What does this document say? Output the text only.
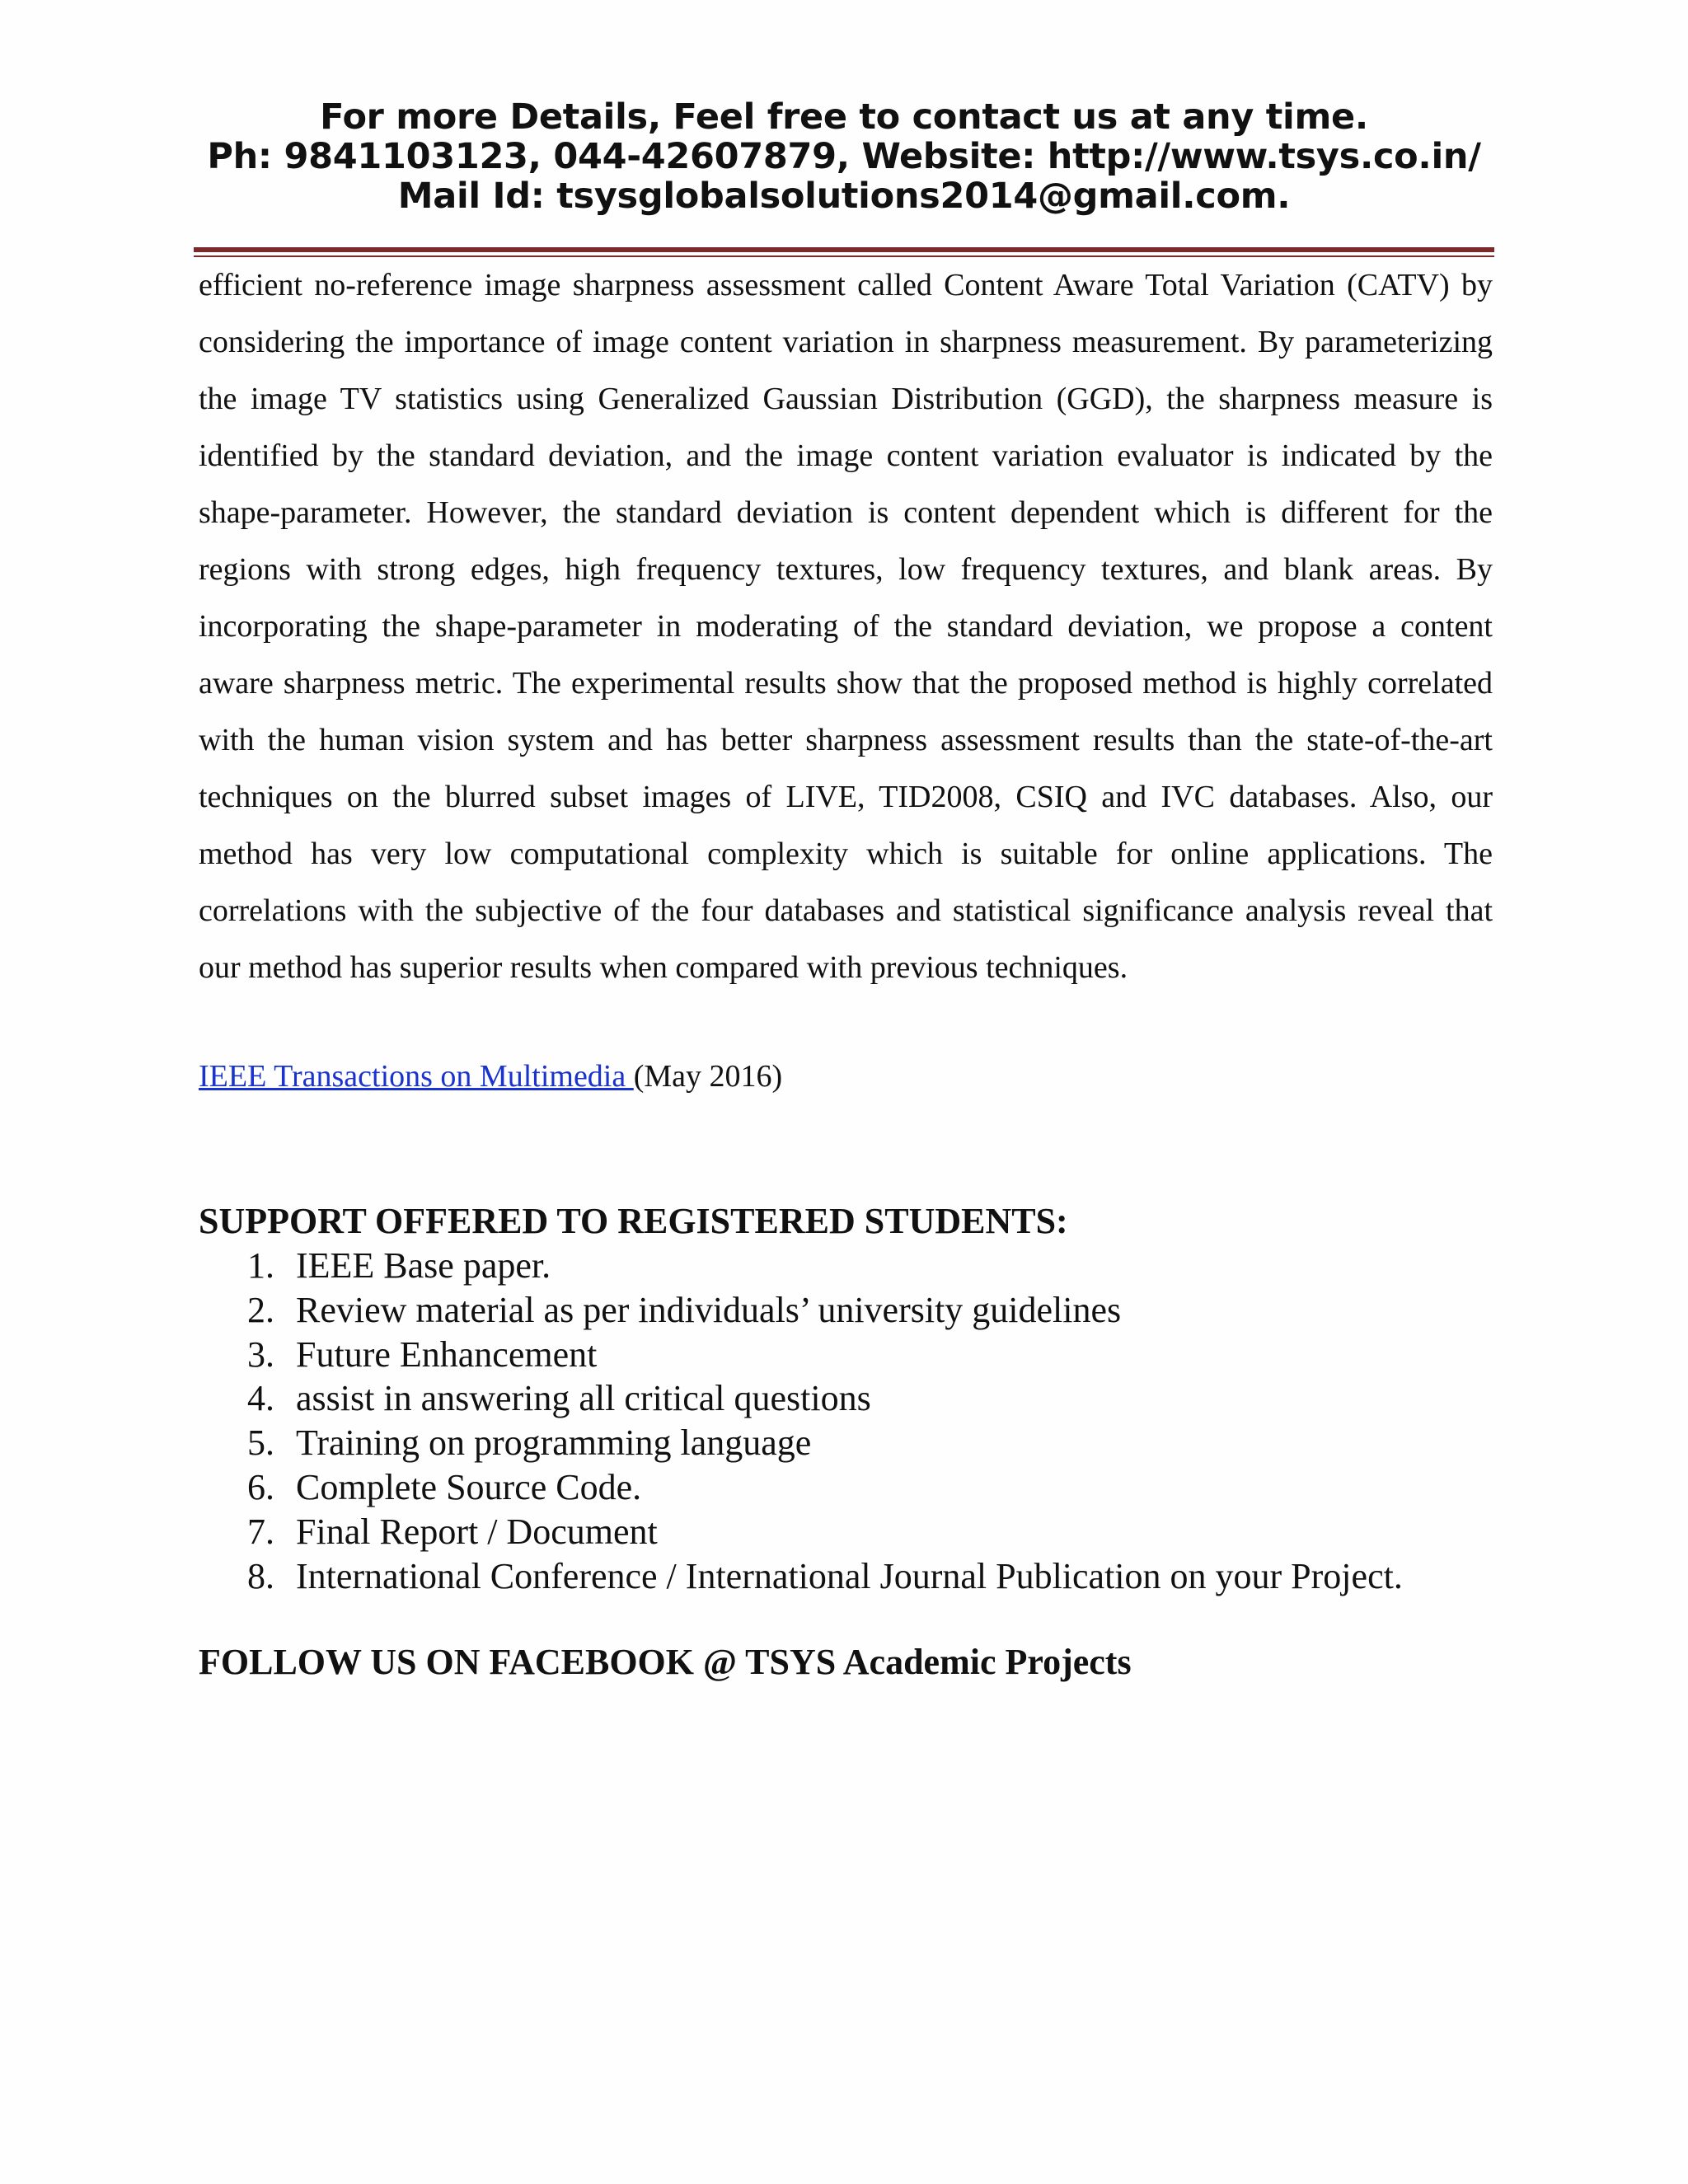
For more Details, Feel free to contact us at any time.
Ph: 9841103123, 044-42607879, Website: http://www.tsys.co.in/
Mail Id: tsysglobalsolutions2014@gmail.com.

efficient no-reference image sharpness assessment called Content Aware Total Variation (CATV) by considering the importance of image content variation in sharpness measurement. By parameterizing the image TV statistics using Generalized Gaussian Distribution (GGD), the sharpness measure is identified by the standard deviation, and the image content variation evaluator is indicated by the shape-parameter. However, the standard deviation is content dependent which is different for the regions with strong edges, high frequency textures, low frequency textures, and blank areas. By incorporating the shape-parameter in moderating of the standard deviation, we propose a content aware sharpness metric. The experimental results show that the proposed method is highly correlated with the human vision system and has better sharpness assessment results than the state-of-the-art techniques on the blurred subset images of LIVE, TID2008, CSIQ and IVC databases. Also, our method has very low computational complexity which is suitable for online applications. The correlations with the subjective of the four databases and statistical significance analysis reveal that our method has superior results when compared with previous techniques.

IEEE Transactions on Multimedia (May 2016)
SUPPORT OFFERED TO REGISTERED STUDENTS:
1. IEEE Base paper.
2. Review material as per individuals’ university guidelines
3. Future Enhancement
4. assist in answering all critical questions
5. Training on programming language
6. Complete Source Code.
7. Final Report / Document
8. International Conference / International Journal Publication on your Project.
FOLLOW US ON FACEBOOK @ TSYS Academic Projects
